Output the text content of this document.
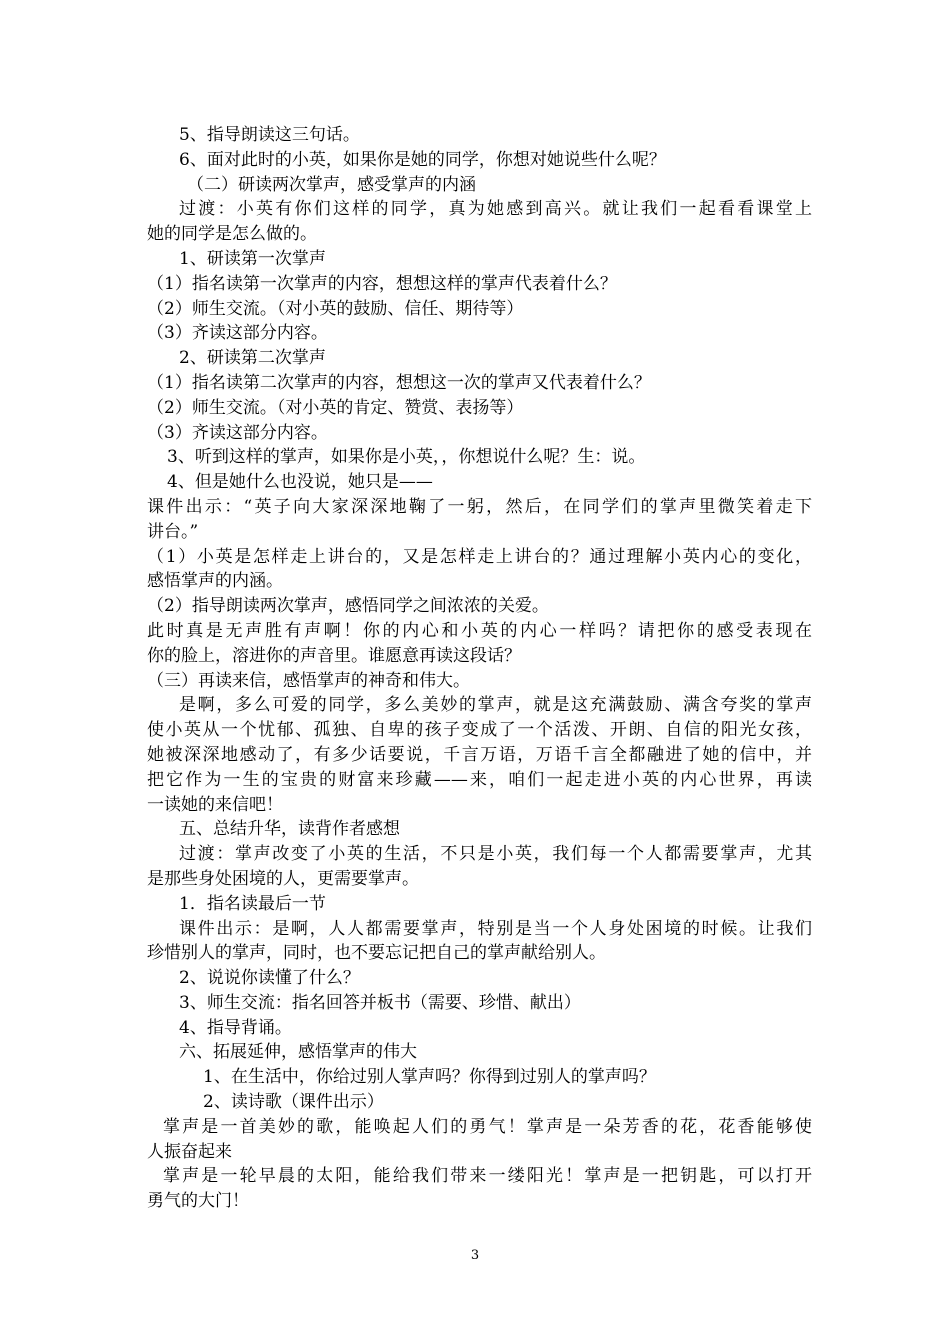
5、指导朗读这三句话。
6、面对此时的小英，如果你是她的同学，你想对她说些什么呢？
（二）研读两次掌声，感受掌声的内涵
过渡：小英有你们这样的同学，真为她感到高兴。就让我们一起看看课堂上
她的同学是怎么做的。
1、研读第一次掌声
（1）指名读第一次掌声的内容，想想这样的掌声代表着什么？
（2）师生交流。（对小英的鼓励、信任、期待等）
（3）齐读这部分内容。
2、研读第二次掌声
（1）指名读第二次掌声的内容，想想这一次的掌声又代表着什么？
（2）师生交流。（对小英的肯定、赞赏、表扬等）
（3）齐读这部分内容。
3、听到这样的掌声，如果你是小英，，你想说什么呢？生：说。
4、但是她什么也没说，她只是——
课件出示：“英子向大家深深地鞠了一躬，然后，在同学们的掌声里微笑着走下
讲台。”
（1）小英是怎样走上讲台的，又是怎样走上讲台的？通过理解小英内心的变化，
感悟掌声的内涵。
（2）指导朗读两次掌声，感悟同学之间浓浓的关爱。
此时真是无声胜有声啊！你的内心和小英的内心一样吗？请把你的感受表现在
你的脸上，溶进你的声音里。谁愿意再读这段话？
（三）再读来信，感悟掌声的神奇和伟大。
是啊，多么可爱的同学，多么美妙的掌声，就是这充满鼓励、满含夸奖的掌声
使小英从一个忧郁、孤独、自卑的孩子变成了一个活泼、开朗、自信的阳光女孩，
她被深深地感动了，有多少话要说，千言万语，万语千言全都融进了她的信中，并
把它作为一生的宝贵的财富来珍藏——来，咱们一起走进小英的内心世界，再读
一读她的来信吧！
五、总结升华，读背作者感想
过渡：掌声改变了小英的生活，不只是小英，我们每一个人都需要掌声，尤其
是那些身处困境的人，更需要掌声。
1．指名读最后一节
课件出示：是啊，人人都需要掌声，特别是当一个人身处困境的时候。让我们
珍惜别人的掌声，同时，也不要忘记把自己的掌声献给别人。
2、说说你读懂了什么？
3、师生交流：指名回答并板书（需要、珍惜、献出）
4、指导背诵。
六、拓展延伸，感悟掌声的伟大
1、在生活中，你给过别人掌声吗？你得到过别人的掌声吗？
2、读诗歌（课件出示）
掌声是一首美妙的歌，能唤起人们的勇气！掌声是一朵芳香的花，花香能够使
人振奋起来
掌声是一轮早晨的太阳，能给我们带来一缕阳光！掌声是一把钥匙，可以打开
勇气的大门！
3
